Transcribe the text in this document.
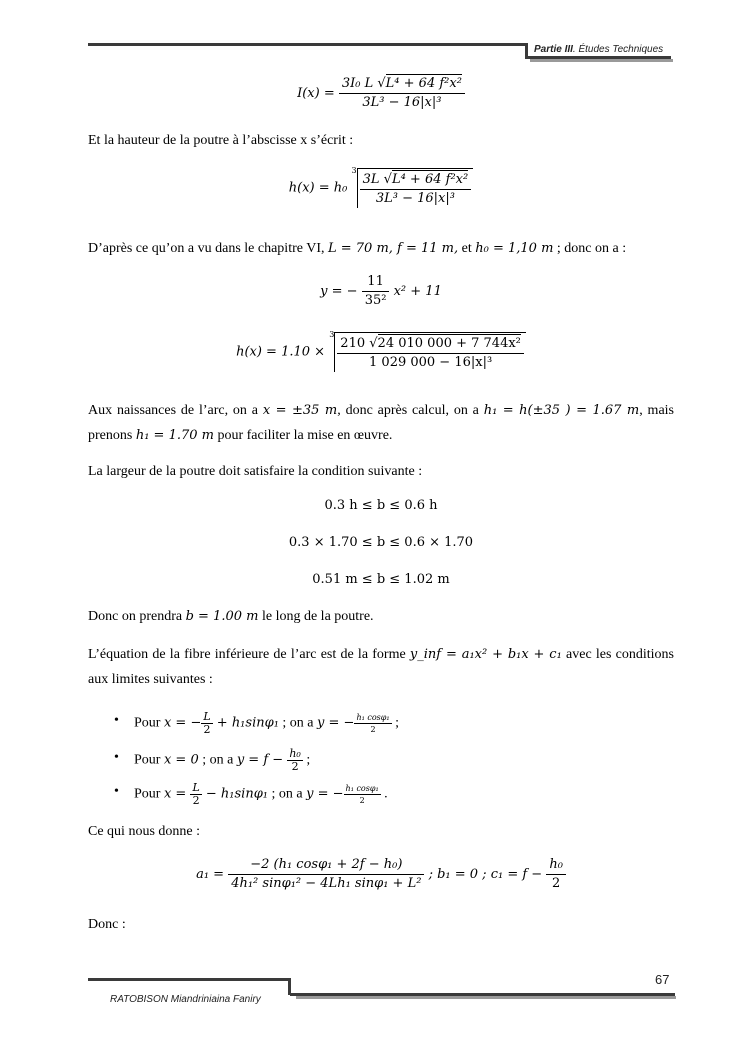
Partie III. Études Techniques
$I(x) = \frac{\text{3I₀ L √L⁴ + 64 f²x²}}{\text{3L³ − 16|x|³}}$
Et la hauteur de la poutre à l’abscisse x s’écrit :
h(x) = h₀ $^3$
$\frac{\text{3L √L⁴ + 64 f²x²}}{\text{3L³ − 16|x|³}}$
D’après ce qu’on a vu dans le chapitre VI, L = 70 m, f = 11 m, et h₀ = 1,10 m ; donc on a :
y = − $\frac{11}{\text{35²}} x^2 + 11$
h(x) = 1.10 × $^3$
$\frac{\text{210 √24 010 000 + 7 744x²}}{\text{1 029 000 − 16|x|³}}$
Aux naissances de l’arc, on a x = ±35 m, donc après calcul, on a h₁ = h(±35 ) = 1.67 m, mais prenons h₁ = 1.70 m pour faciliter la mise en œuvre.
La largeur de la poutre doit satisfaire la condition suivante :
0.3 h ≤ b ≤ 0.6 h
0.3 × 1.70 ≤ b ≤ 0.6 × 1.70
0.51 m ≤ b ≤ 1.02 m
Donc on prendra b = 1.00 m le long de la poutre.
L’équation de la fibre inférieure de l’arc est de la forme y_inf = a₁x² + b₁x + c₁ avec les conditions aux limites suivantes :
• Pour x = − $\frac{L}{2} + h_1\sin\varphi_1$ ; on a y = − $\frac{\text{h₁ cosφ₁}}{2}$ ;
• Pour x = 0 ; on a $y = f - \frac{\text{h₀}}{2}$ ;
• Pour $x = \frac{L}{2} - h_1\sin\varphi_1$ ; on a y = − $\frac{\text{h₁ cosφ₁}}{2}$ .
Ce qui nous donne :
$a_1 = \frac{\text{−2 (h₁ cosφ₁ + 2f − h₀)}}{\text{4h₁² sinφ₁² − 4Lh₁ sinφ₁ + L²}}$ ; b₁ = 0 ; $c_1 = f - \frac{\text{h₀}}{2}$
Donc :
67
RATOBISON Miandriniaina Faniry
